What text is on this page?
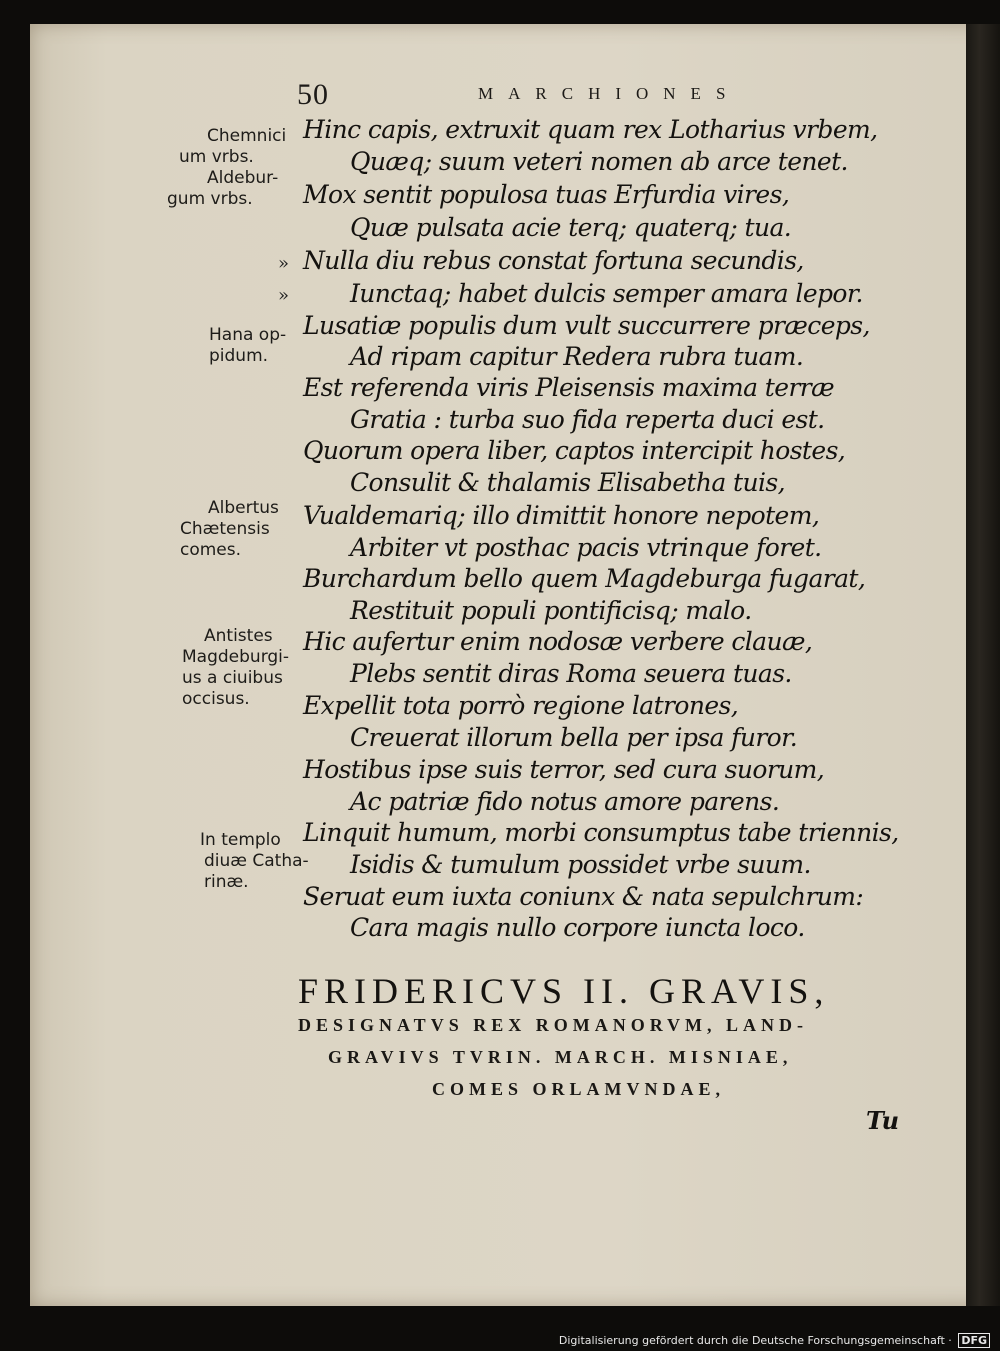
50	MARCHIONES
Chemnici
um vrbs.
Aldebur-
gum vrbs.
Hana op-
pidum.
Albertus
Chætensis
comes.
Antistes
Magdeburgi-
us a ciuibus
occisus.
In templo
diuæ Catha-
rinæ.
»
»
Hinc capis, extruxit quam rex Lotharius vrbem,
Quæq; suum veteri nomen ab arce tenet.
Mox sentit populosa tuas Erfurdia vires,
Quæ pulsata acie terq; quaterq; tua.
Nulla diu rebus constat fortuna secundis,
Iunctaq; habet dulcis semper amara lepor.
Lusatiæ populis dum vult succurrere præceps,
Ad ripam capitur Redera rubra tuam.
Est referenda viris Pleisensis maxima terræ
Gratia : turba suo fida reperta duci est.
Quorum opera liber, captos intercipit hostes,
Consulit & thalamis Elisabetha tuis,
Vualdemariq; illo dimittit honore nepotem,
Arbiter vt posthac pacis vtrinque foret.
Burchardum bello quem Magdeburga fugarat,
Restituit populi pontificisq; malo.
Hic aufertur enim nodosæ verbere clauæ,
Plebs sentit diras Roma seuera tuas.
Expellit tota porrò regione latrones,
Creuerat illorum bella per ipsa furor.
Hostibus ipse suis terror, sed cura suorum,
Ac patriæ fido notus amore parens.
Linquit humum, morbi consumptus tabe triennis,
Isidis & tumulum possidet vrbe suum.
Seruat eum iuxta coniunx & nata sepulchrum:
Cara magis nullo corpore iuncta loco.
FRIDERICVS II. GRAVIS,
DESIGNATVS REX ROMANORVM, LAND-
GRAVIVS TVRIN. MARCH. MISNIAE,
COMES ORLAMVNDAE,
Tu
Digitalisierung gefördert durch die Deutsche Forschungsgemeinschaft · DFG
